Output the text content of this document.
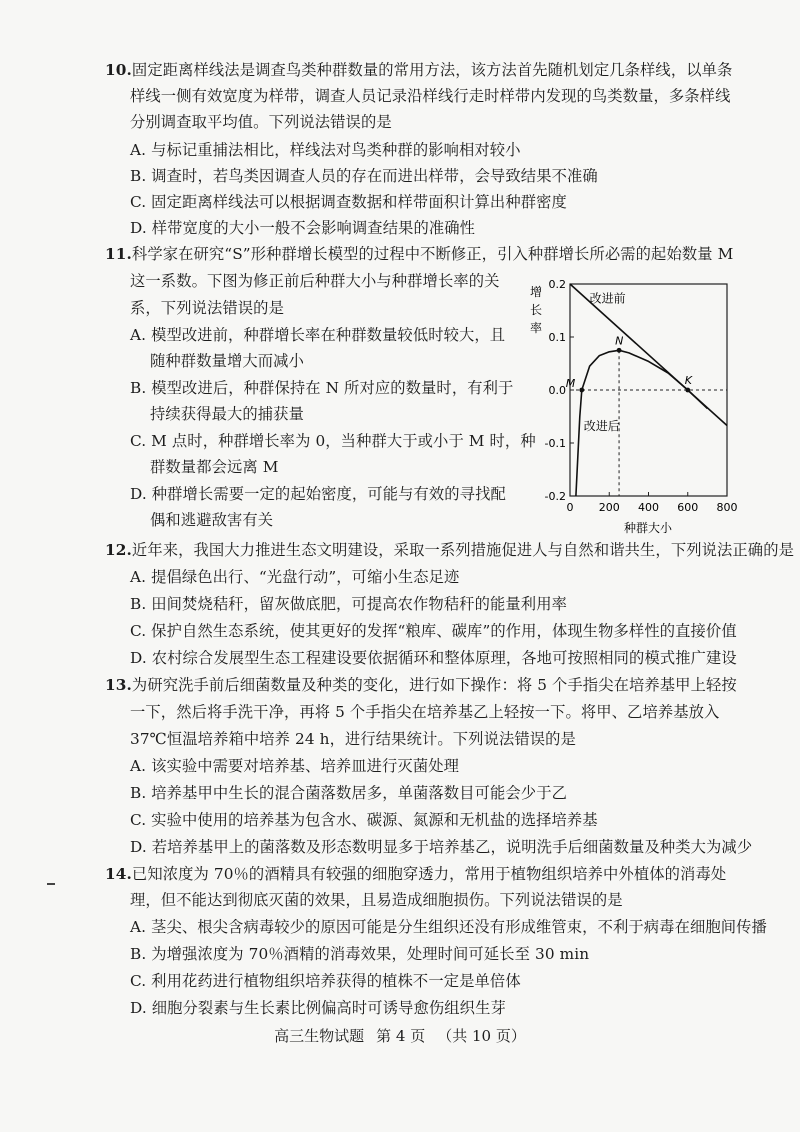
10.固定距离样线法是调查鸟类种群数量的常用方法，该方法首先随机划定几条样线，以单条
样线一侧有效宽度为样带，调查人员记录沿样线行走时样带内发现的鸟类数量，多条样线
分别调查取平均值。下列说法错误的是
A. 与标记重捕法相比，样线法对鸟类种群的影响相对较小
B. 调查时，若鸟类因调查人员的存在而进出样带，会导致结果不准确
C. 固定距离样线法可以根据调查数据和样带面积计算出种群密度
D. 样带宽度的大小一般不会影响调查结果的准确性
11.科学家在研究“S”形种群增长模型的过程中不断修正，引入种群增长所必需的起始数量 M
这一系数。下图为修正前后种群大小与种群增长率的关
系，下列说法错误的是
A. 模型改进前，种群增长率在种群数量较低时较大，且
随种群数量增大而减小
B. 模型改进后，种群保持在 N 所对应的数量时，有利于
持续获得最大的捕获量
C. M 点时，种群增长率为 0，当种群大于或小于 M 时，种
群数量都会远离 M
D. 种群增长需要一定的起始密度，可能与有效的寻找配
偶和逃避敌害有关
增
长
率
0.2
0.1
0.0
-0.1
-0.2
0 200 400 600 800
改进前
改进后
N
M	K
种群大小
12.近年来，我国大力推进生态文明建设，采取一系列措施促进人与自然和谐共生，下列说法正确的是
A. 提倡绿色出行、“光盘行动”，可缩小生态足迹
B. 田间焚烧秸秆，留灰做底肥，可提高农作物秸秆的能量利用率
C. 保护自然生态系统，使其更好的发挥“粮库、碳库”的作用，体现生物多样性的直接价值
D. 农村综合发展型生态工程建设要依据循环和整体原理，各地可按照相同的模式推广建设
13.为研究洗手前后细菌数量及种类的变化，进行如下操作：将 5 个手指尖在培养基甲上轻按
一下，然后将手洗干净，再将 5 个手指尖在培养基乙上轻按一下。将甲、乙培养基放入
37℃恒温培养箱中培养 24 h，进行结果统计。下列说法错误的是
A. 该实验中需要对培养基、培养皿进行灭菌处理
B. 培养基甲中生长的混合菌落数居多，单菌落数目可能会少于乙
C. 实验中使用的培养基为包含水、碳源、氮源和无机盐的选择培养基
D. 若培养基甲上的菌落数及形态数明显多于培养基乙，说明洗手后细菌数量及种类大为减少
14.已知浓度为 70％的酒精具有较强的细胞穿透力，常用于植物组织培养中外植体的消毒处
理，但不能达到彻底灭菌的效果，且易造成细胞损伤。下列说法错误的是
A. 茎尖、根尖含病毒较少的原因可能是分生组织还没有形成维管束，不利于病毒在细胞间传播
B. 为增强浓度为 70％酒精的消毒效果，处理时间可延长至 30 min
C. 利用花药进行植物组织培养获得的植株不一定是单倍体
D. 细胞分裂素与生长素比例偏高时可诱导愈伤组织生芽
高三生物试题 第 4 页 （共 10 页）
